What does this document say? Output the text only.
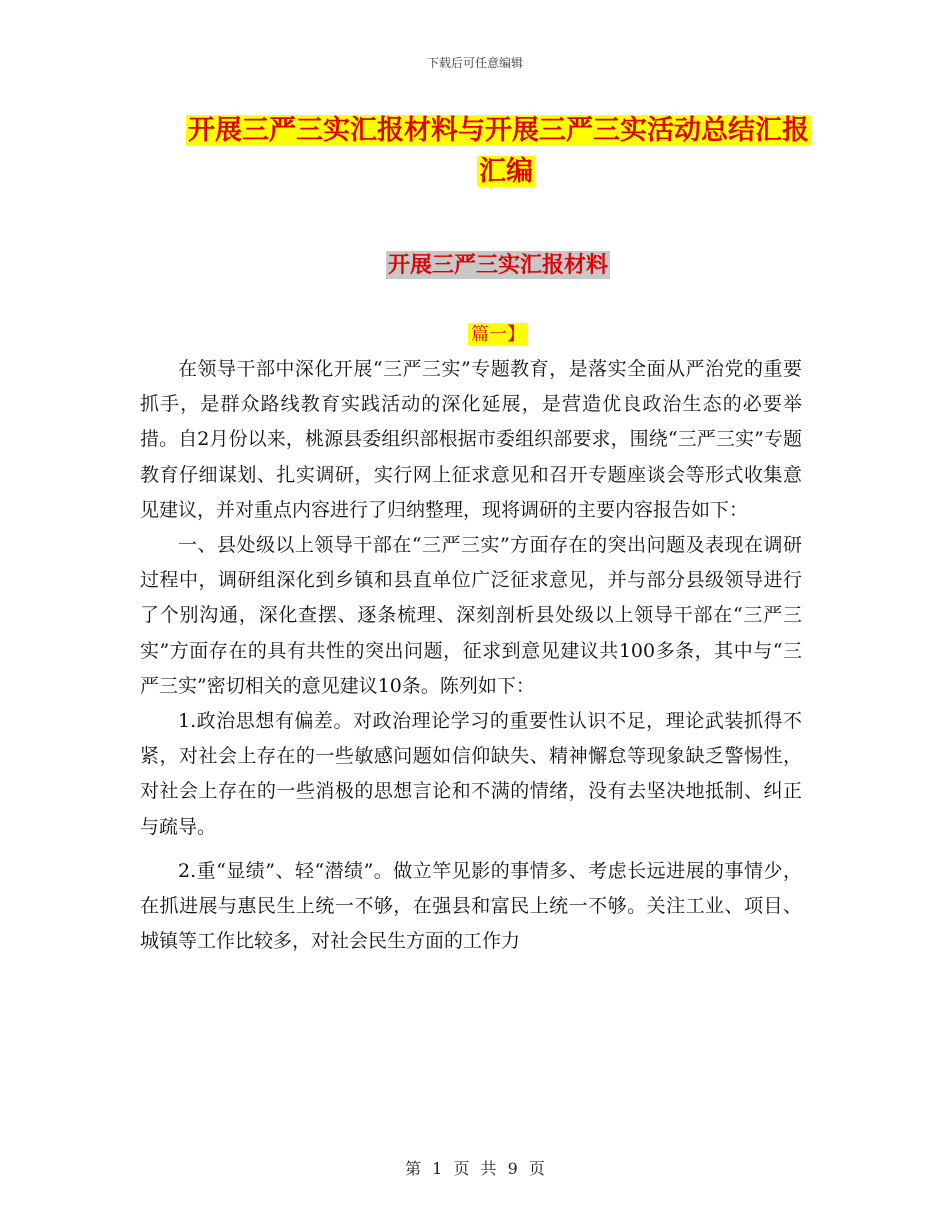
下载后可任意编辑
开展三严三实汇报材料与开展三严三实活动总结汇报
汇编
开展三严三实汇报材料
篇一】

在领导干部中深化开展“三严三实”专题教育，是落实全面从严治党的重要抓手，是群众路线教育实践活动的深化延展，是营造优良政治生态的必要举措。自2月份以来，桃源县委组织部根据市委组织部要求，围绕“三严三实”专题教育仔细谋划、扎实调研，实行网上征求意见和召开专题座谈会等形式收集意见建议，并对重点内容进行了归纳整理，现将调研的主要内容报告如下：

一、县处级以上领导干部在“三严三实”方面存在的突出问题及表现在调研过程中，调研组深化到乡镇和县直单位广泛征求意见，并与部分县级领导进行了个别沟通，深化查摆、逐条梳理、深刻剖析县处级以上领导干部在“三严三实”方面存在的具有共性的突出问题，征求到意见建议共100多条，其中与“三严三实”密切相关的意见建议10条。陈列如下：

1.政治思想有偏差。对政治理论学习的重要性认识不足，理论武装抓得不紧，对社会上存在的一些敏感问题如信仰缺失、精神懈怠等现象缺乏警惕性，对社会上存在的一些消极的思想言论和不满的情绪，没有去坚决地抵制、纠正与疏导。

2.重“显绩”、轻“潜绩”。做立竿见影的事情多、考虑长远进展的事情少，在抓进展与惠民生上统一不够，在强县和富民上统一不够。关注工业、项目、城镇等工作比较多，对社会民生方面的工作力

第 1 页 共 9 页
